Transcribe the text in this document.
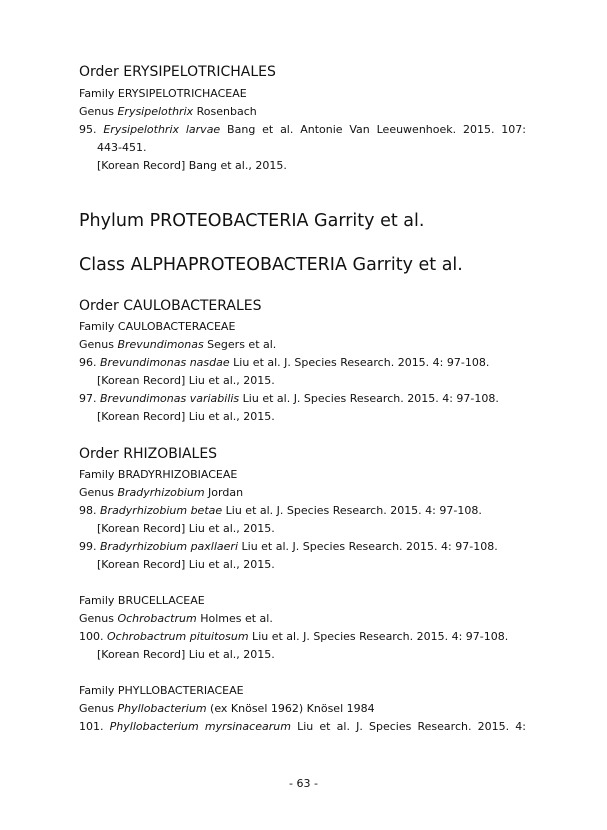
Order ERYSIPELOTRICHALES
Family ERYSIPELOTRICHACEAE
Genus Erysipelothrix Rosenbach
95. Erysipelothrix larvae Bang et al. Antonie Van Leeuwenhoek. 2015. 107:
443-451.
[Korean Record] Bang et al., 2015.
Phylum PROTEOBACTERIA Garrity et al.
Class ALPHAPROTEOBACTERIA Garrity et al.
Order CAULOBACTERALES
Family CAULOBACTERACEAE
Genus Brevundimonas Segers et al.
96. Brevundimonas nasdae Liu et al. J. Species Research. 2015. 4: 97-108.
[Korean Record] Liu et al., 2015.
97. Brevundimonas variabilis Liu et al. J. Species Research. 2015. 4: 97-108.
[Korean Record] Liu et al., 2015.
Order RHIZOBIALES
Family BRADYRHIZOBIACEAE
Genus Bradyrhizobium Jordan
98. Bradyrhizobium betae Liu et al. J. Species Research. 2015. 4: 97-108.
[Korean Record] Liu et al., 2015.
99. Bradyrhizobium paxllaeri Liu et al. J. Species Research. 2015. 4: 97-108.
[Korean Record] Liu et al., 2015.
Family BRUCELLACEAE
Genus Ochrobactrum Holmes et al.
100. Ochrobactrum pituitosum Liu et al. J. Species Research. 2015. 4: 97-108.
[Korean Record] Liu et al., 2015.
Family PHYLLOBACTERIACEAE
Genus Phyllobacterium (ex Knösel 1962) Knösel 1984
101. Phyllobacterium myrsinacearum Liu et al. J. Species Research. 2015. 4:
- 63 -
